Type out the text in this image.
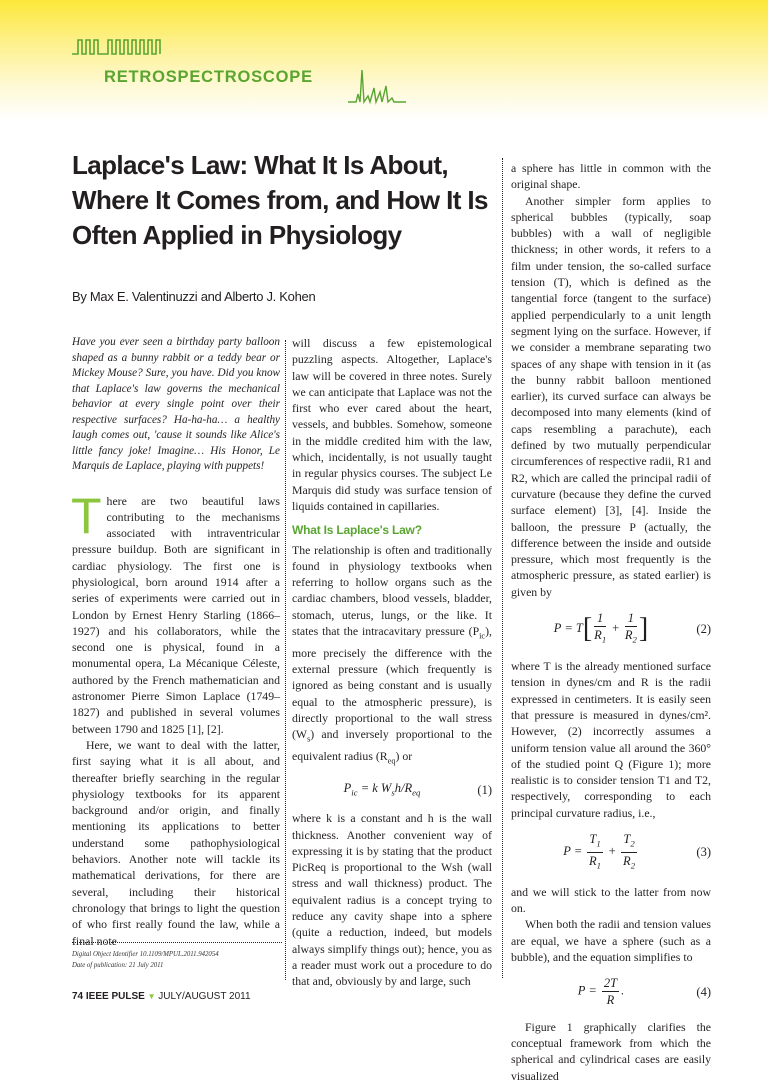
RETROSPECTROSCOPE
Laplace's Law: What It Is About, Where It Comes from, and How It Is Often Applied in Physiology
By Max E. Valentinuzzi and Alberto J. Kohen

Have you ever seen a birthday party balloon shaped as a bunny rabbit or a teddy bear or Mickey Mouse? Sure, you have. Did you know that Laplace's law governs the mechanical behavior at every single point over their respective surfaces? Ha-ha-ha… a healthy laugh comes out, 'cause it sounds like Alice's little fancy joke! Imagine… His Honor, Le Marquis de Laplace, playing with puppets!

There are two beautiful laws contributing to the mechanisms associated with intraventricular pressure buildup. Both are significant in cardiac physiology. The first one is physiological, born around 1914 after a series of experiments were carried out in London by Ernest Henry Starling (1866–1927) and his collaborators, while the second one is physical, found in a monumental opera, La Mécanique Céleste, authored by the French mathematician and astronomer Pierre Simon Laplace (1749–1827) and published in several volumes between 1790 and 1825 [1], [2].

Here, we want to deal with the latter, first saying what it is all about, and thereafter briefly searching in the regular physiology textbooks for its apparent background and/or origin, and finally mentioning its applications to better understand some pathophysiological behaviors. Another note will tackle its mathematical derivations, for there are several, including their historical chronology that brings to light the question of who first really found the law, while a final note

will discuss a few epistemological puzzling aspects. Altogether, Laplace's law will be covered in three notes. Surely we can anticipate that Laplace was not the first who ever cared about the heart, vessels, and bubbles. Somehow, someone in the middle credited him with the law, which, incidentally, is not usually taught in regular physics courses. The subject Le Marquis did study was surface tension of liquids contained in capillaries.

What Is Laplace's Law?

The relationship is often and traditionally found in physiology textbooks when referring to hollow organs such as the cardiac chambers, blood vessels, bladder, stomach, uterus, lungs, or the like. It states that the intracavitary pressure $(P_{ic})$, more precisely the difference with the external pressure (which frequently is ignored as being constant and is usually equal to the atmospheric pressure), is directly proportional to the wall stress $(W_s)$ and inversely proportional to the equivalent radius $(R_{eq})$ or

$P_{ic} = k$ $W_sh/R_{eq}$	(1)

where k is a constant and h is the wall thickness. Another convenient way of expressing it is by stating that the product PicReq is proportional to the Wsh (wall stress and wall thickness) product. The equivalent radius is a concept trying to reduce any cavity shape into a sphere (quite a reduction, indeed, but models always simplify things out); hence, you as a reader must work out a procedure to do that and, obviously by and large, such

a sphere has little in common with the original shape.

Another simpler form applies to spherical bubbles (typically, soap bubbles) with a wall of negligible thickness; in other words, it refers to a film under tension, the so-called surface tension (T), which is defined as the tangential force (tangent to the surface) applied perpendicularly to a unit length segment lying on the surface. However, if we consider a membrane separating two spaces of any shape with tension in it (as the bunny rabbit balloon mentioned earlier), its curved surface can always be decomposed into many elements (kind of caps resembling a parachute), each defined by two mutually perpendicular circumferences of respective radii, R1 and R2, which are called the principal radii of curvature (because they define the curved surface element) [3], [4]. Inside the balloon, the pressure P (actually, the difference between the inside and outside pressure, which most frequently is the atmospheric pressure, as stated earlier) is given by

$P = T[ \frac{1}{R_1} + \frac{1}{R_2}$ ]	(2)

where T is the already mentioned surface tension in dynes/cm and R is the radii expressed in centimeters. It is easily seen that pressure is measured in dynes/cm². However, (2) incorrectly assumes a uniform tension value all around the 360° of the studied point Q (Figure 1); more realistic is to consider tension T1 and T2, respectively, corresponding to each principal curvature radius, i.e.,

$P = \frac{T_1}{R_1} + \frac{T_2}{R_2}$	(3)

and we will stick to the latter from now on.

When both the radii and tension values are equal, we have a sphere (such as a bubble), and the equation simplifies to

$P = \frac{2T}{R}$ .	(4)

Figure 1 graphically clarifies the conceptual framework from which the spherical and cylindrical cases are easily visualized

Digital Object Identifier 10.1109/MPUL.2011.942054
Date of publication: 21 July 2011
74 IEEE PULSE ▼ JULY/AUGUST 2011
